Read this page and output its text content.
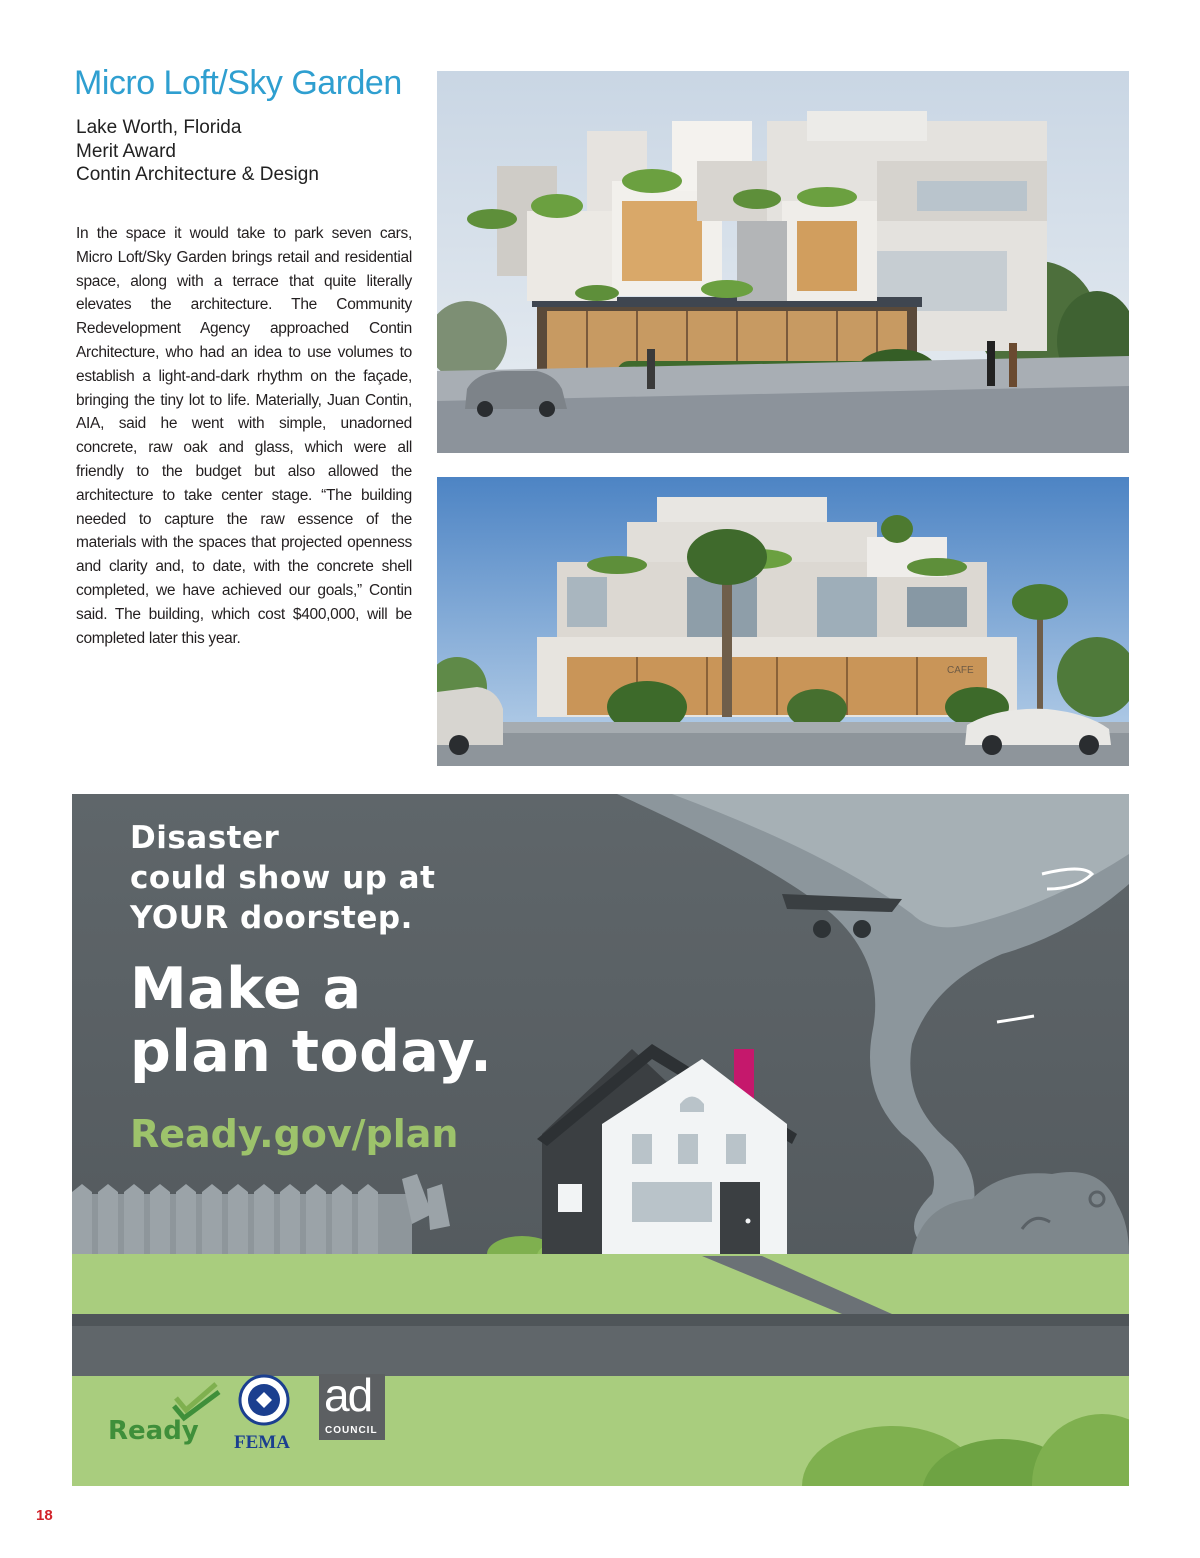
Micro Loft/Sky Garden
Lake Worth, Florida
Merit Award
Contin Architecture & Design

In the space it would take to park seven cars, Micro Loft/Sky Garden brings retail and residential space, along with a terrace that quite literally elevates the architecture. The Community Redevelopment Agency approached Contin Architecture, who had an idea to use volumes to establish a light-and-dark rhythm on the façade, bringing the tiny lot to life. Materially, Juan Contin, AIA, said he went with simple, unadorned concrete, raw oak and glass, which were all friendly to the budget but also allowed the architecture to take center stage. “The building needed to capture the raw essence of the materials with the spaces that projected openness and clarity and, to date, with the concrete shell completed, we have achieved our goals,” Contin said. The building, which cost $400,000, will be completed later this year.

CAFE
Disaster
could show up at
YOUR doorstep.
Make a
plan today.
Ready.gov/plan
Ready FEMA
ad
COUNCIL
18
